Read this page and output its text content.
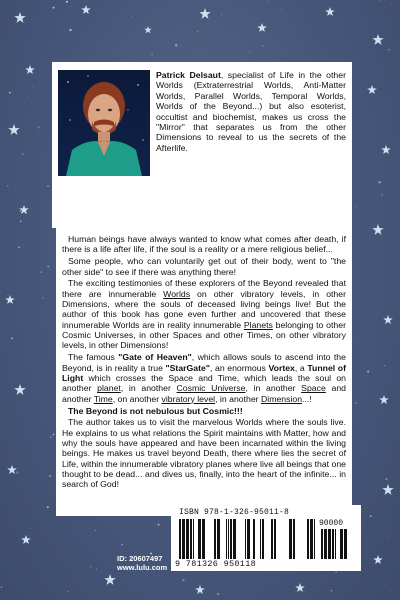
Patrick Delsaut, specialist of Life in the other Worlds (Extraterrestrial Worlds, Anti-Matter Worlds, Parallel Worlds, Temporal Worlds, Worlds of the Beyond...) but also esoterist, occultist and biochemist, makes us cross the "Mirror" that separates us from the other Dimensions to reveal to us the secrets of the Afterlife.

Human beings have always wanted to know what comes after death, if there is a life after life, if the soul is a reality or a mere religious belief...

Some people, who can voluntarily get out of their body, went to "the other side" to see if there was anything there!

The exciting testimonies of these explorers of the Beyond revealed that there are innumerable Worlds on other vibratory levels, in other Dimensions, where the souls of deceased living beings live! But the author of this book has gone even further and uncovered that these innumerable Worlds are in reality innumerable Planets belonging to other Cosmic Universes, in other Spaces and other Times, on other vibratory levels, in other Dimensions!

The famous "Gate of Heaven", which allows souls to ascend into the Beyond, is in reality a true "StarGate", an enormous Vortex, a Tunnel of Light which crosses the Space and Time, which leads the soul on another planet, in another Cosmic Universe, in another Space and another Time, on another vibratory level, in another Dimension...!

The Beyond is not nebulous but Cosmic!!!

The author takes us to visit the marvelous Worlds where the souls live. He explains to us what relations the Spirit maintains with Matter, how and why the souls have appeared and have been incarnated within the living beings. He makes us travel beyond Death, there where lies the secret of Life, within the innumerable vibratory planes where live all beings that one thought to be dead... and dives us, finally, into the heart of the infinite... in search of God!

ISBN 978-1-326-95011-8
90000
9 781326 950118
ID: 20607497
www.lulu.com
